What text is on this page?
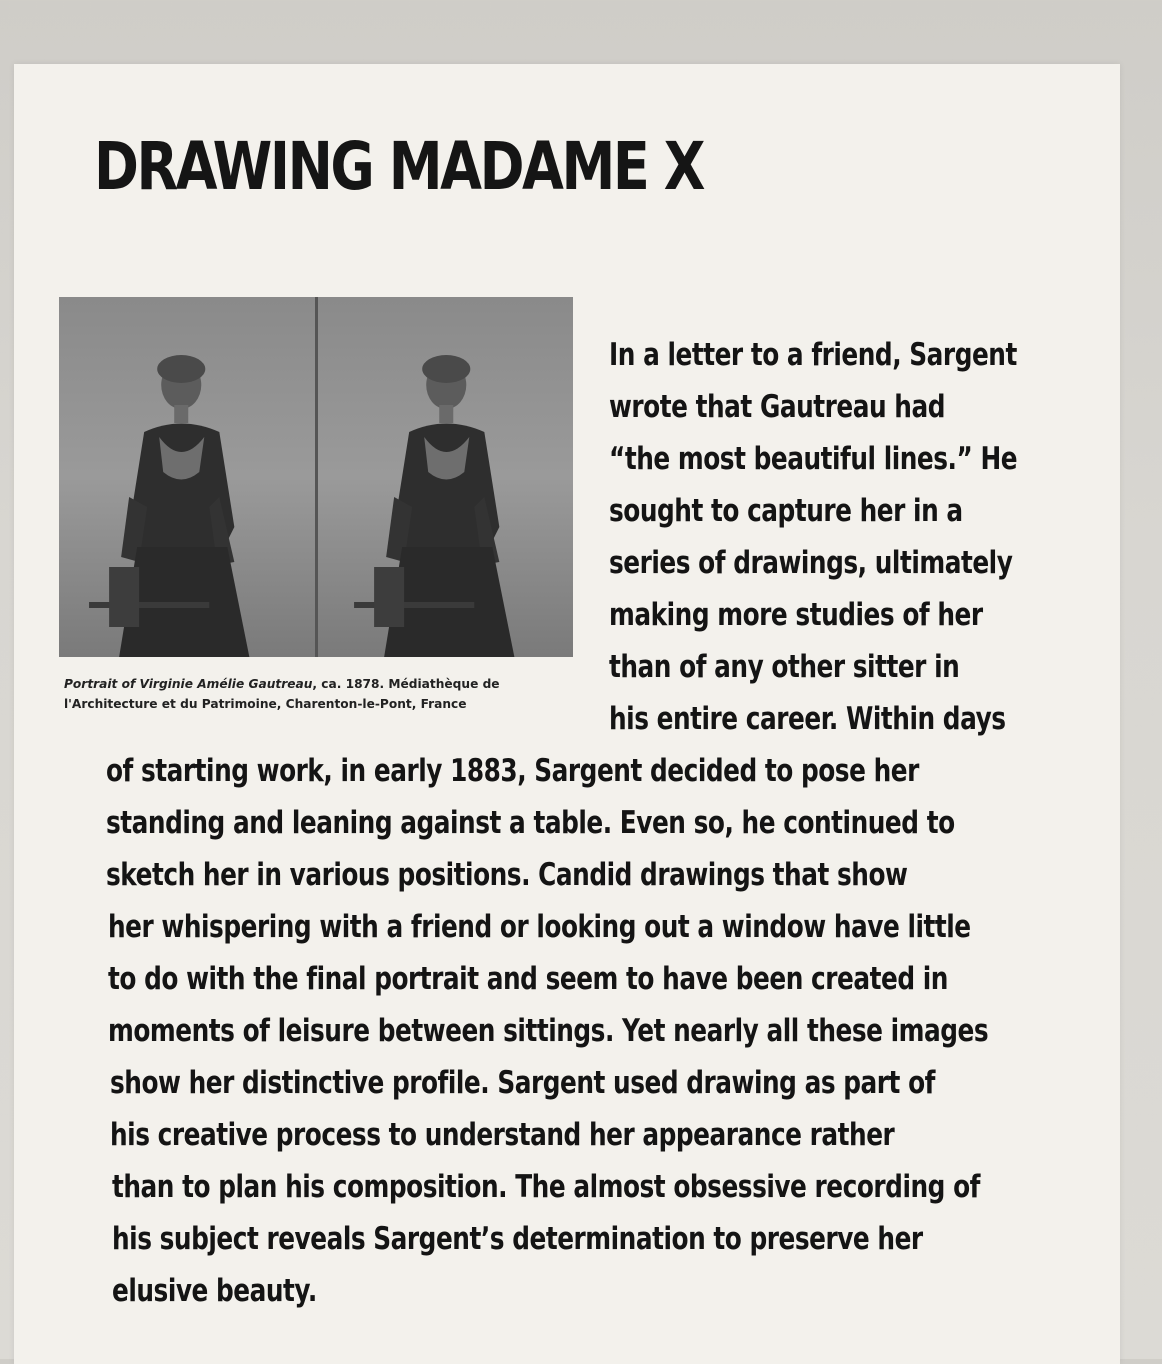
DRAWING MADAME X
Portrait of Virginie Amélie Gautreau, ca. 1878. Médiathèque de
l'Architecture et du Patrimoine, Charenton-le-Pont, France

In a letter to a friend, Sargent

wrote that Gautreau had

“the most beautiful lines.” He

sought to capture her in a

series of drawings, ultimately

making more studies of her

than of any other sitter in

his entire career. Within days

of starting work, in early 1883, Sargent decided to pose her

standing and leaning against a table. Even so, he continued to

sketch her in various positions. Candid drawings that show

her whispering with a friend or looking out a window have little

to do with the final portrait and seem to have been created in

moments of leisure between sittings. Yet nearly all these images

show her distinctive profile. Sargent used drawing as part of

his creative process to understand her appearance rather

than to plan his composition. The almost obsessive recording of

his subject reveals Sargent’s determination to preserve her

elusive beauty.
